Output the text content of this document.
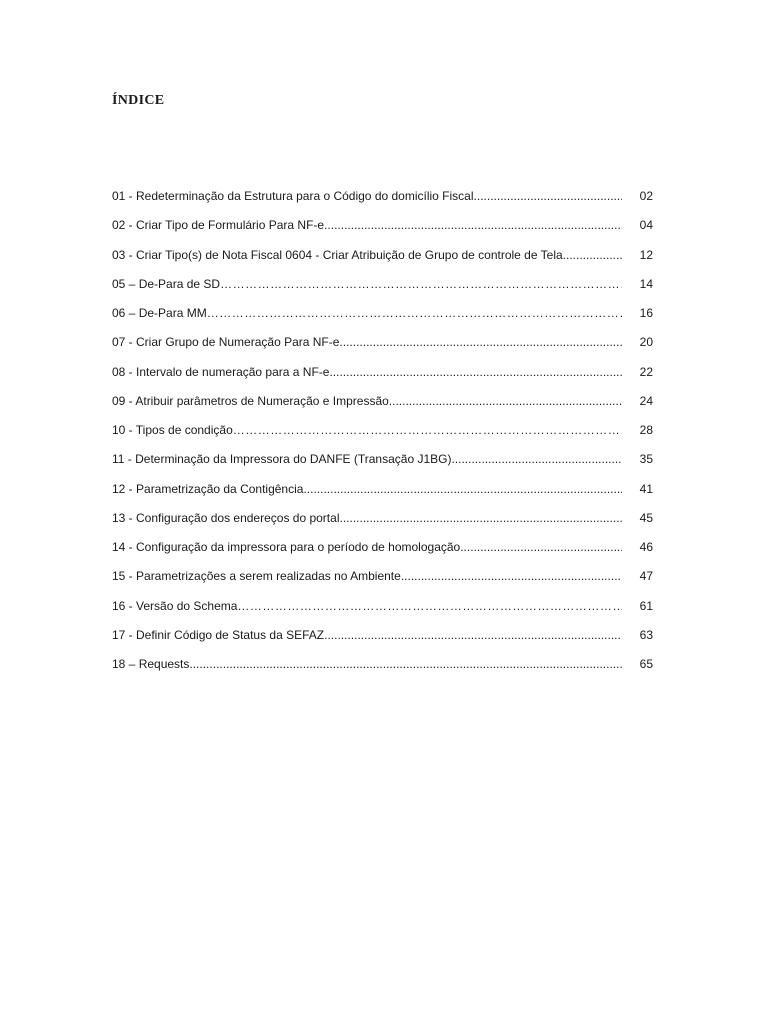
ÍNDICE
01 - Redeterminação da Estrutura para o Código do domicílio Fiscal .....	02
02 - Criar Tipo de Formulário Para NF-e .....	04
03 - Criar Tipo(s) de Nota Fiscal 0604 - Criar Atribuição de Grupo de controle de Tela .....	12
05 – De-Para de SD ………………………………………………………………………………………………………………………………………………………	14
06 – De-Para MM ………………………………………………………………………………………………………………………………………………………	16
07 - Criar Grupo de Numeração Para NF-e .....	20
08 - Intervalo de numeração para a NF-e .....	22
09 - Atribuir parâmetros de Numeração e Impressão .....	24
10 - Tipos de condição ………………………………………………………………………………………………………………………………………………………	28
11 - Determinação da Impressora do DANFE (Transação J1BG) .....	35
12 - Parametrização da Contigência .....	41
13 - Configuração dos endereços do portal .....	45
14 - Configuração da impressora para o período de homologação .....	46
15 - Parametrizações a serem realizadas no Ambiente .....	47
16 - Versão do Schema ………………………………………………………………………………………………………………………………………………………	61
17 - Definir Código de Status da SEFAZ .....	63
18 – Requests .....	65
